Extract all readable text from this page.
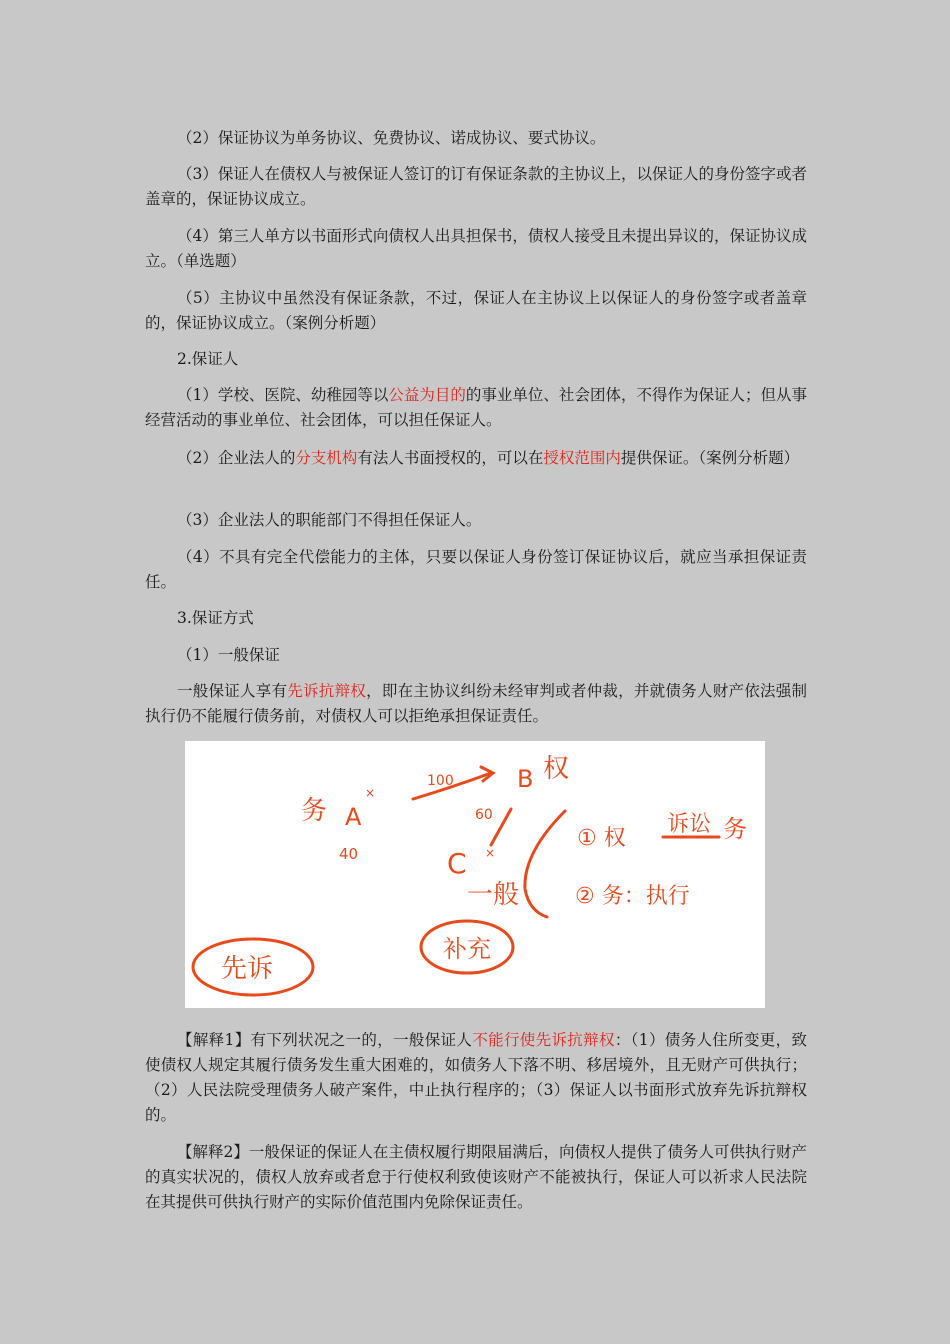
（2）保证协议为单务协议、免费协议、诺成协议、要式协议。

（3）保证人在债权人与被保证人签订的订有保证条款的主协议上，以保证人的身份签字或者盖章的，保证协议成立。

（4）第三人单方以书面形式向债权人出具担保书，债权人接受且未提出异议的，保证协议成立。（单选题）

（5）主协议中虽然没有保证条款，不过，保证人在主协议上以保证人的身份签字或者盖章的，保证协议成立。（案例分析题）

2.保证人

（1）学校、医院、幼稚园等以公益为目的的事业单位、社会团体，不得作为保证人；但从事经营活动的事业单位、社会团体，可以担任保证人。

（2）企业法人的分支机构有法人书面授权的，可以在授权范围内提供保证。（案例分析题）

（3）企业法人的职能部门不得担任保证人。

（4）不具有完全代偿能力的主体，只要以保证人身份签订保证协议后，就应当承担保证责任。

3.保证方式

（1）一般保证

一般保证人享有先诉抗辩权，即在主协议纠纷未经审判或者仲裁，并就债务人财产依法强制执行仍不能履行债务前，对债权人可以拒绝承担保证责任。

务 A
×
40
100	B 权
60
×
C
一般
① 权
诉讼 务
② 务：执行
先诉
补充

【解释1】有下列状况之一的，一般保证人不能行使先诉抗辩权：（1）债务人住所变更，致使债权人规定其履行债务发生重大困难的，如债务人下落不明、移居境外，且无财产可供执行；（2）人民法院受理债务人破产案件，中止执行程序的；（3）保证人以书面形式放弃先诉抗辩权的。

【解释2】一般保证的保证人在主债权履行期限届满后，向债权人提供了债务人可供执行财产的真实状况的，债权人放弃或者怠于行使权利致使该财产不能被执行，保证人可以祈求人民法院在其提供可供执行财产的实际价值范围内免除保证责任。
